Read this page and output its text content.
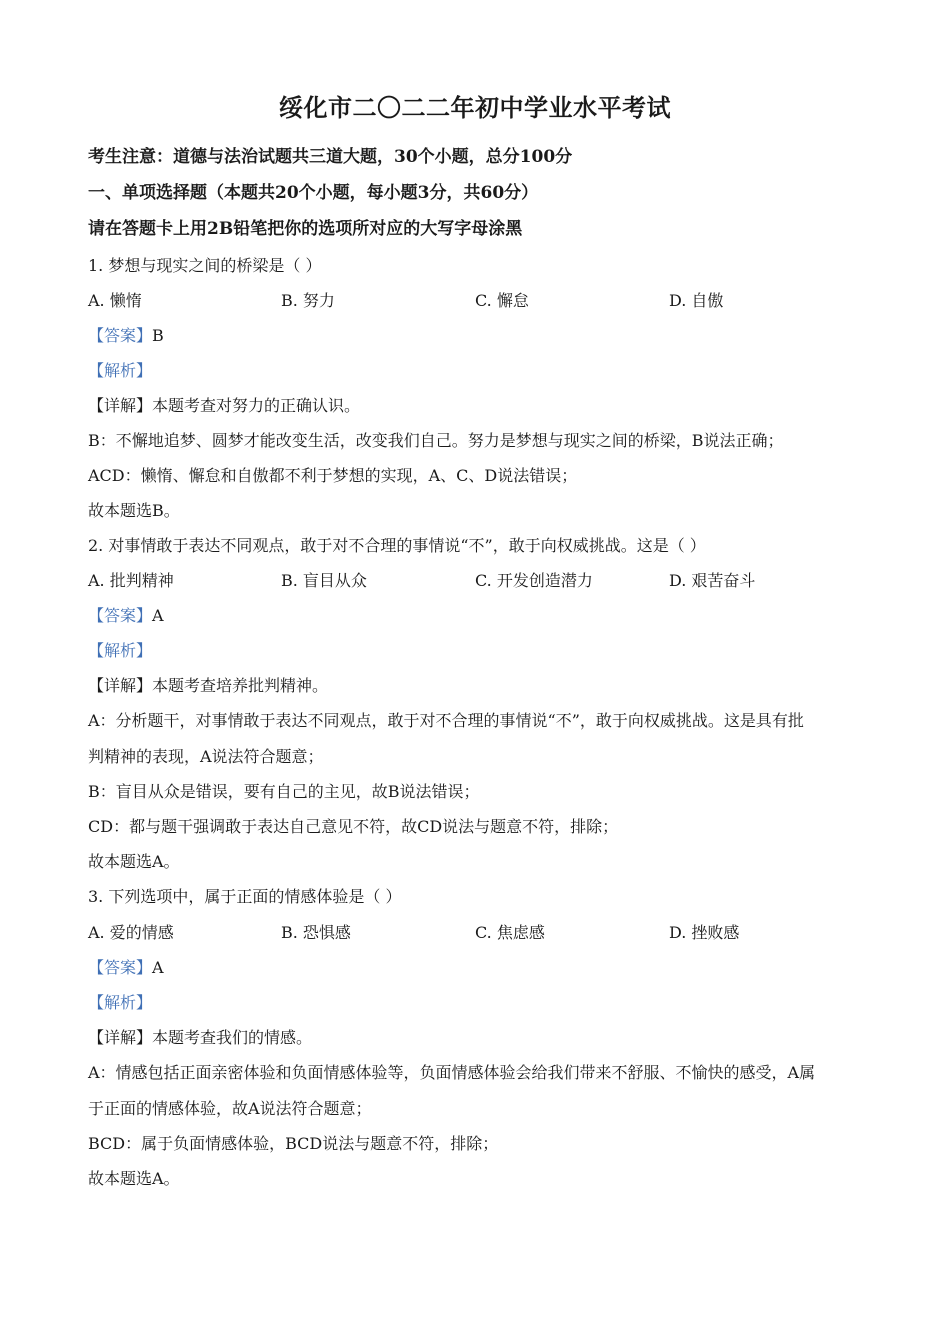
绥化市二〇二二年初中学业水平考试
考生注意：道德与法治试题共三道大题，30个小题，总分100分
一、单项选择题（本题共20个小题，每小题3分，共60分）
请在答题卡上用2B铅笔把你的选项所对应的大写字母涂黑
1. 梦想与现实之间的桥梁是（ ）
A. 懒惰	B. 努力	C. 懈怠	D. 自傲
【答案】B
【解析】
【详解】本题考查对努力的正确认识。
B：不懈地追梦、圆梦才能改变生活，改变我们自己。努力是梦想与现实之间的桥梁，B说法正确；
ACD：懒惰、懈怠和自傲都不利于梦想的实现，A、C、D说法错误；
故本题选B。
2. 对事情敢于表达不同观点，敢于对不合理的事情说“不”，敢于向权威挑战。这是（ ）
A. 批判精神	B. 盲目从众	C. 开发创造潜力	D. 艰苦奋斗
【答案】A
【解析】
【详解】本题考查培养批判精神。
A：分析题干，对事情敢于表达不同观点，敢于对不合理的事情说“不”，敢于向权威挑战。这是具有批
判精神的表现，A说法符合题意；
B：盲目从众是错误，要有自己的主见，故B说法错误；
CD：都与题干强调敢于表达自己意见不符，故CD说法与题意不符，排除；
故本题选A。
3. 下列选项中，属于正面的情感体验是（ ）
A. 爱的情感	B. 恐惧感	C. 焦虑感	D. 挫败感
【答案】A
【解析】
【详解】本题考查我们的情感。
A：情感包括正面亲密体验和负面情感体验等，负面情感体验会给我们带来不舒服、不愉快的感受，A属
于正面的情感体验，故A说法符合题意；
BCD：属于负面情感体验，BCD说法与题意不符，排除；
故本题选A。
